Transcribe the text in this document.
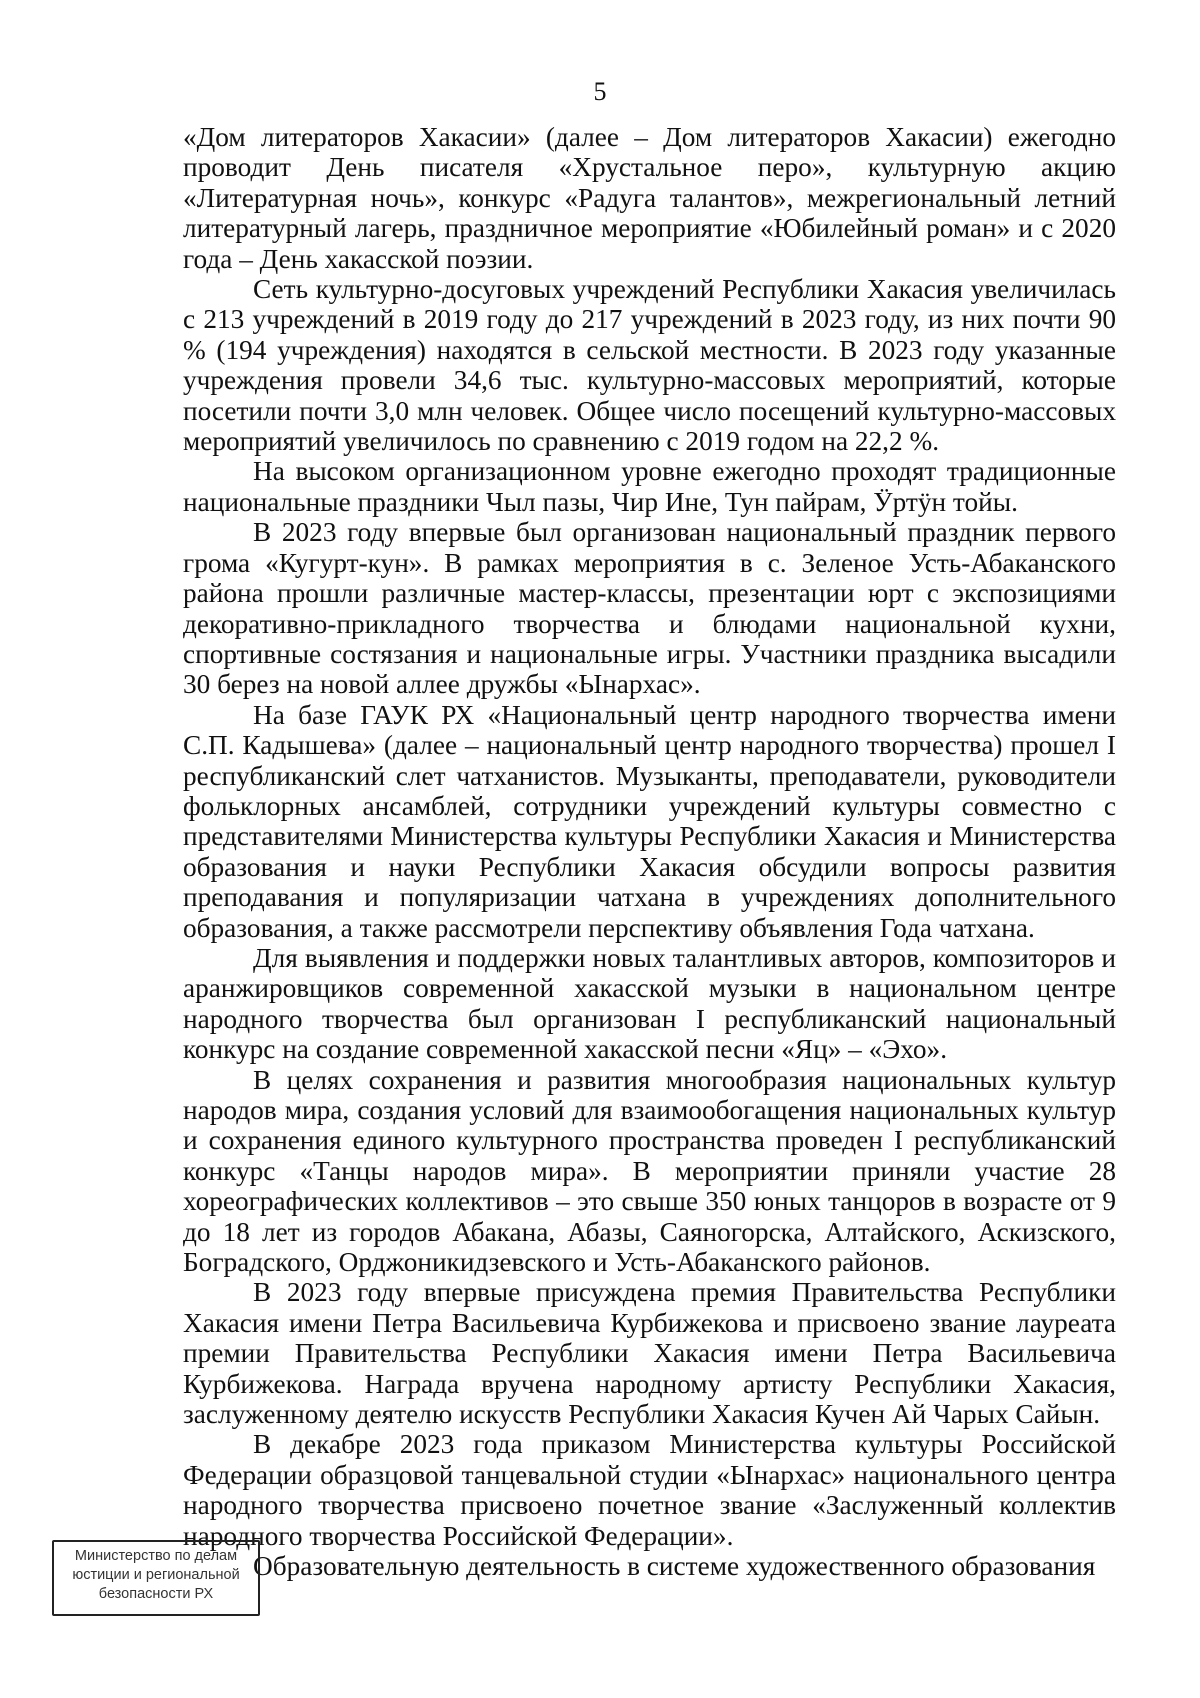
5

«Дом литераторов Хакасии» (далее – Дом литераторов Хакасии) ежегодно проводит День писателя «Хрустальное перо», культурную акцию «Литературная ночь», конкурс «Радуга талантов», межрегиональный летний литературный лагерь, праздничное мероприятие «Юбилейный роман» и с 2020 года – День хакасской поэзии.

Сеть культурно-досуговых учреждений Республики Хакасия увеличилась с 213 учреждений в 2019 году до 217 учреждений в 2023 году, из них почти 90 % (194 учреждения) находятся в сельской местности. В 2023 году указанные учреждения провели 34,6 тыс. культурно-массовых мероприятий, которые посетили почти 3,0 млн человек. Общее число посещений культурно-массовых мероприятий увеличилось по сравнению с 2019 годом на 22,2 %.

На высоком организационном уровне ежегодно проходят традиционные национальные праздники Чыл пазы, Чир Ине, Тун пайрам, Ӱртӱн тойы.

В 2023 году впервые был организован национальный праздник первого грома «Кугурт-кун». В рамках мероприятия в с. Зеленое Усть-Абаканского района прошли различные мастер-классы, презентации юрт с экспозициями декоративно-прикладного творчества и блюдами национальной кухни, спортивные состязания и национальные игры. Участники праздника высадили 30 берез на новой аллее дружбы «Ынархас».

На базе ГАУК РХ «Национальный центр народного творчества имени С.П. Кадышева» (далее – национальный центр народного творчества) прошел I республиканский слет чатханистов. Музыканты, преподаватели, руководители фольклорных ансамблей, сотрудники учреждений культуры совместно с представителями Министерства культуры Республики Хакасия и Министерства образования и науки Республики Хакасия обсудили вопросы развития преподавания и популяризации чатхана в учреждениях дополнительного образования, а также рассмотрели перспективу объявления Года чатхана.

Для выявления и поддержки новых талантливых авторов, композиторов и аранжировщиков современной хакасской музыки в национальном центре народного творчества был организован I республиканский национальный конкурс на создание современной хакасской песни «Яц» – «Эхо».

В целях сохранения и развития многообразия национальных культур народов мира, создания условий для взаимообогащения национальных культур и сохранения единого культурного пространства проведен I республиканский конкурс «Танцы народов мира». В мероприятии приняли участие 28 хореографических коллективов – это свыше 350 юных танцоров в возрасте от 9 до 18 лет из городов Абакана, Абазы, Саяногорска, Алтайского, Аскизского, Боградского, Орджоникидзевского и Усть-Абаканского районов.

В 2023 году впервые присуждена премия Правительства Республики Хакасия имени Петра Васильевича Курбижекова и присвоено звание лауреата премии Правительства Республики Хакасия имени Петра Васильевича Курбижекова. Награда вручена народному артисту Республики Хакасия, заслуженному деятелю искусств Республики Хакасия Кучен Ай Чарых Сайын.

В декабре 2023 года приказом Министерства культуры Российской Федерации образцовой танцевальной студии «Ынархас» национального центра народного творчества присвоено почетное звание «Заслуженный коллектив народного творчества Российской Федерации».

Образовательную деятельность в системе художественного образования

Министерство по делам
юстиции и региональной
безопасности РХ
